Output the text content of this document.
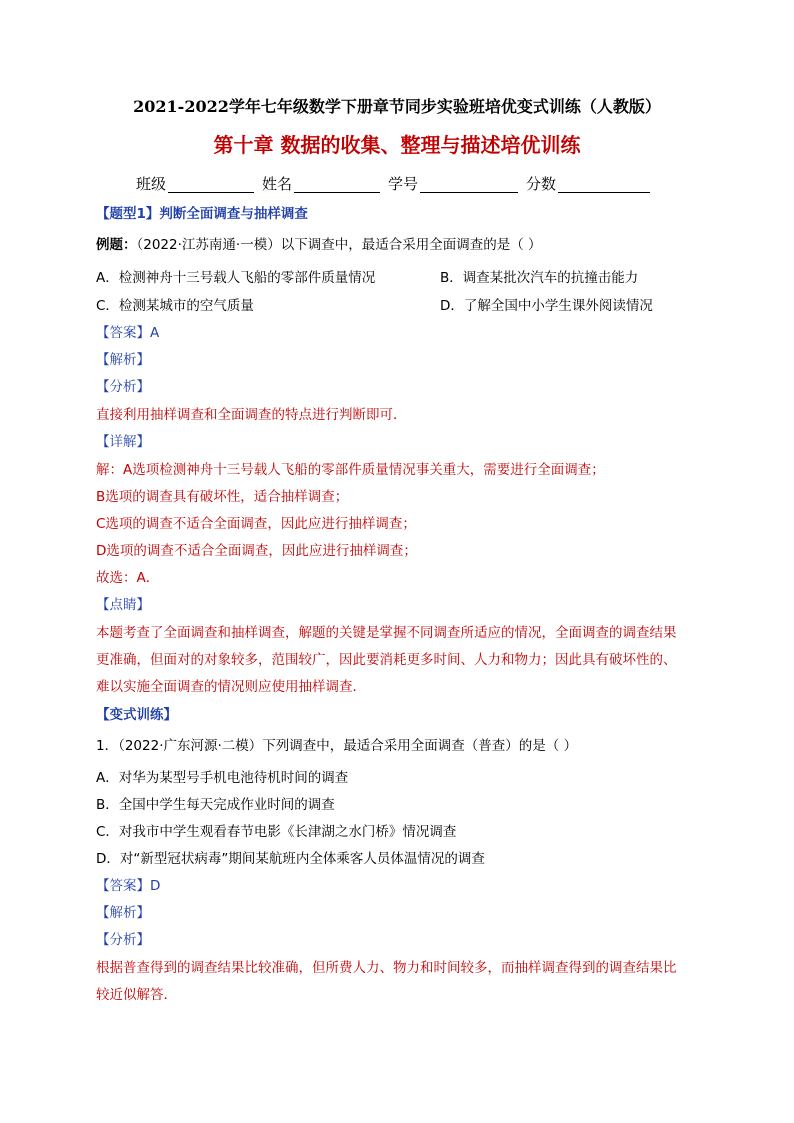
2021-2022学年七年级数学下册章节同步实验班培优变式训练（人教版）
第十章 数据的收集、整理与描述培优训练
班级	姓名	学号	分数
【题型1】判断全面调查与抽样调查
例题：（2022·江苏南通·一模）以下调查中，最适合采用全面调查的是（ ）
A．检测神舟十三号载人飞船的零部件质量情况	B．调查某批次汽车的抗撞击能力
C．检测某城市的空气质量	D．了解全国中小学生课外阅读情况
【答案】A
【解析】
【分析】
直接利用抽样调查和全面调查的特点进行判断即可．
【详解】
解：A选项检测神舟十三号载人飞船的零部件质量情况事关重大，需要进行全面调查；
B选项的调查具有破坏性，适合抽样调查；
C选项的调查不适合全面调查，因此应进行抽样调查；
D选项的调查不适合全面调查，因此应进行抽样调查；
故选：A．
【点睛】
本题考查了全面调查和抽样调查，解题的关键是掌握不同调查所适应的情况，全面调查的调查结果
更准确，但面对的对象较多，范围较广，因此要消耗更多时间、人力和物力；因此具有破坏性的、
难以实施全面调查的情况则应使用抽样调查．
【变式训练】
1．（2022·广东河源·二模）下列调查中，最适合采用全面调查（普查）的是（ ）
A．对华为某型号手机电池待机时间的调查
B．全国中学生每天完成作业时间的调查
C．对我市中学生观看春节电影《长津湖之水门桥》情况调查
D．对“新型冠状病毒”期间某航班内全体乘客人员体温情况的调查
【答案】D
【解析】
【分析】
根据普查得到的调查结果比较准确，但所费人力、物力和时间较多，而抽样调查得到的调查结果比
较近似解答．
